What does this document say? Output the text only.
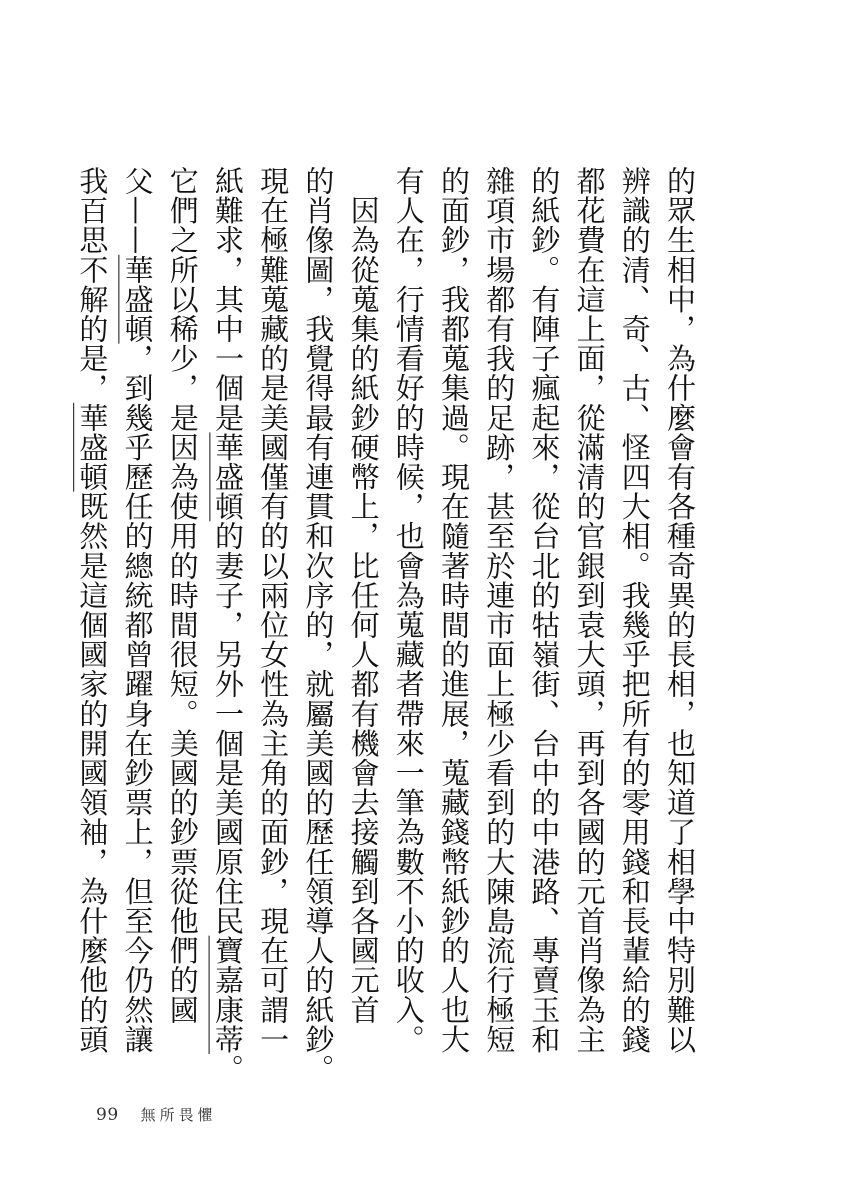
的眾生相中，為什麼會有各種奇異的長相，也知道了相學中特別難以
辨識的清、奇、古、怪四大相。我幾乎把所有的零用錢和長輩給的錢
都花費在這上面，從滿清的官銀到袁大頭，再到各國的元首肖像為主
的紙鈔。有陣子瘋起來，從台北的牯嶺街、台中的中港路、專賣玉和
雜項市場都有我的足跡，甚至於連市面上極少看到的大陳島流行極短
的面鈔，我都蒐集過。現在隨著時間的進展，蒐藏錢幣紙鈔的人也大
有人在，行情看好的時候，也會為蒐藏者帶來一筆為數不小的收入。
　因為從蒐集的紙鈔硬幣上，比任何人都有機會去接觸到各國元首
的肖像圖，我覺得最有連貫和次序的，就屬美國的歷任領導人的紙鈔。
現在極難蒐藏的是美國僅有的以兩位女性為主角的面鈔，現在可謂一
紙難求，其中一個是華盛頓的妻子，另外一個是美國原住民寶嘉康蒂。
它們之所以稀少，是因為使用的時間很短。美國的鈔票從他們的國
父——華盛頓，到幾乎歷任的總統都曾躍身在鈔票上，但至今仍然讓
我百思不解的是，華盛頓既然是這個國家的開國領袖，為什麼他的頭
99 無所畏懼
